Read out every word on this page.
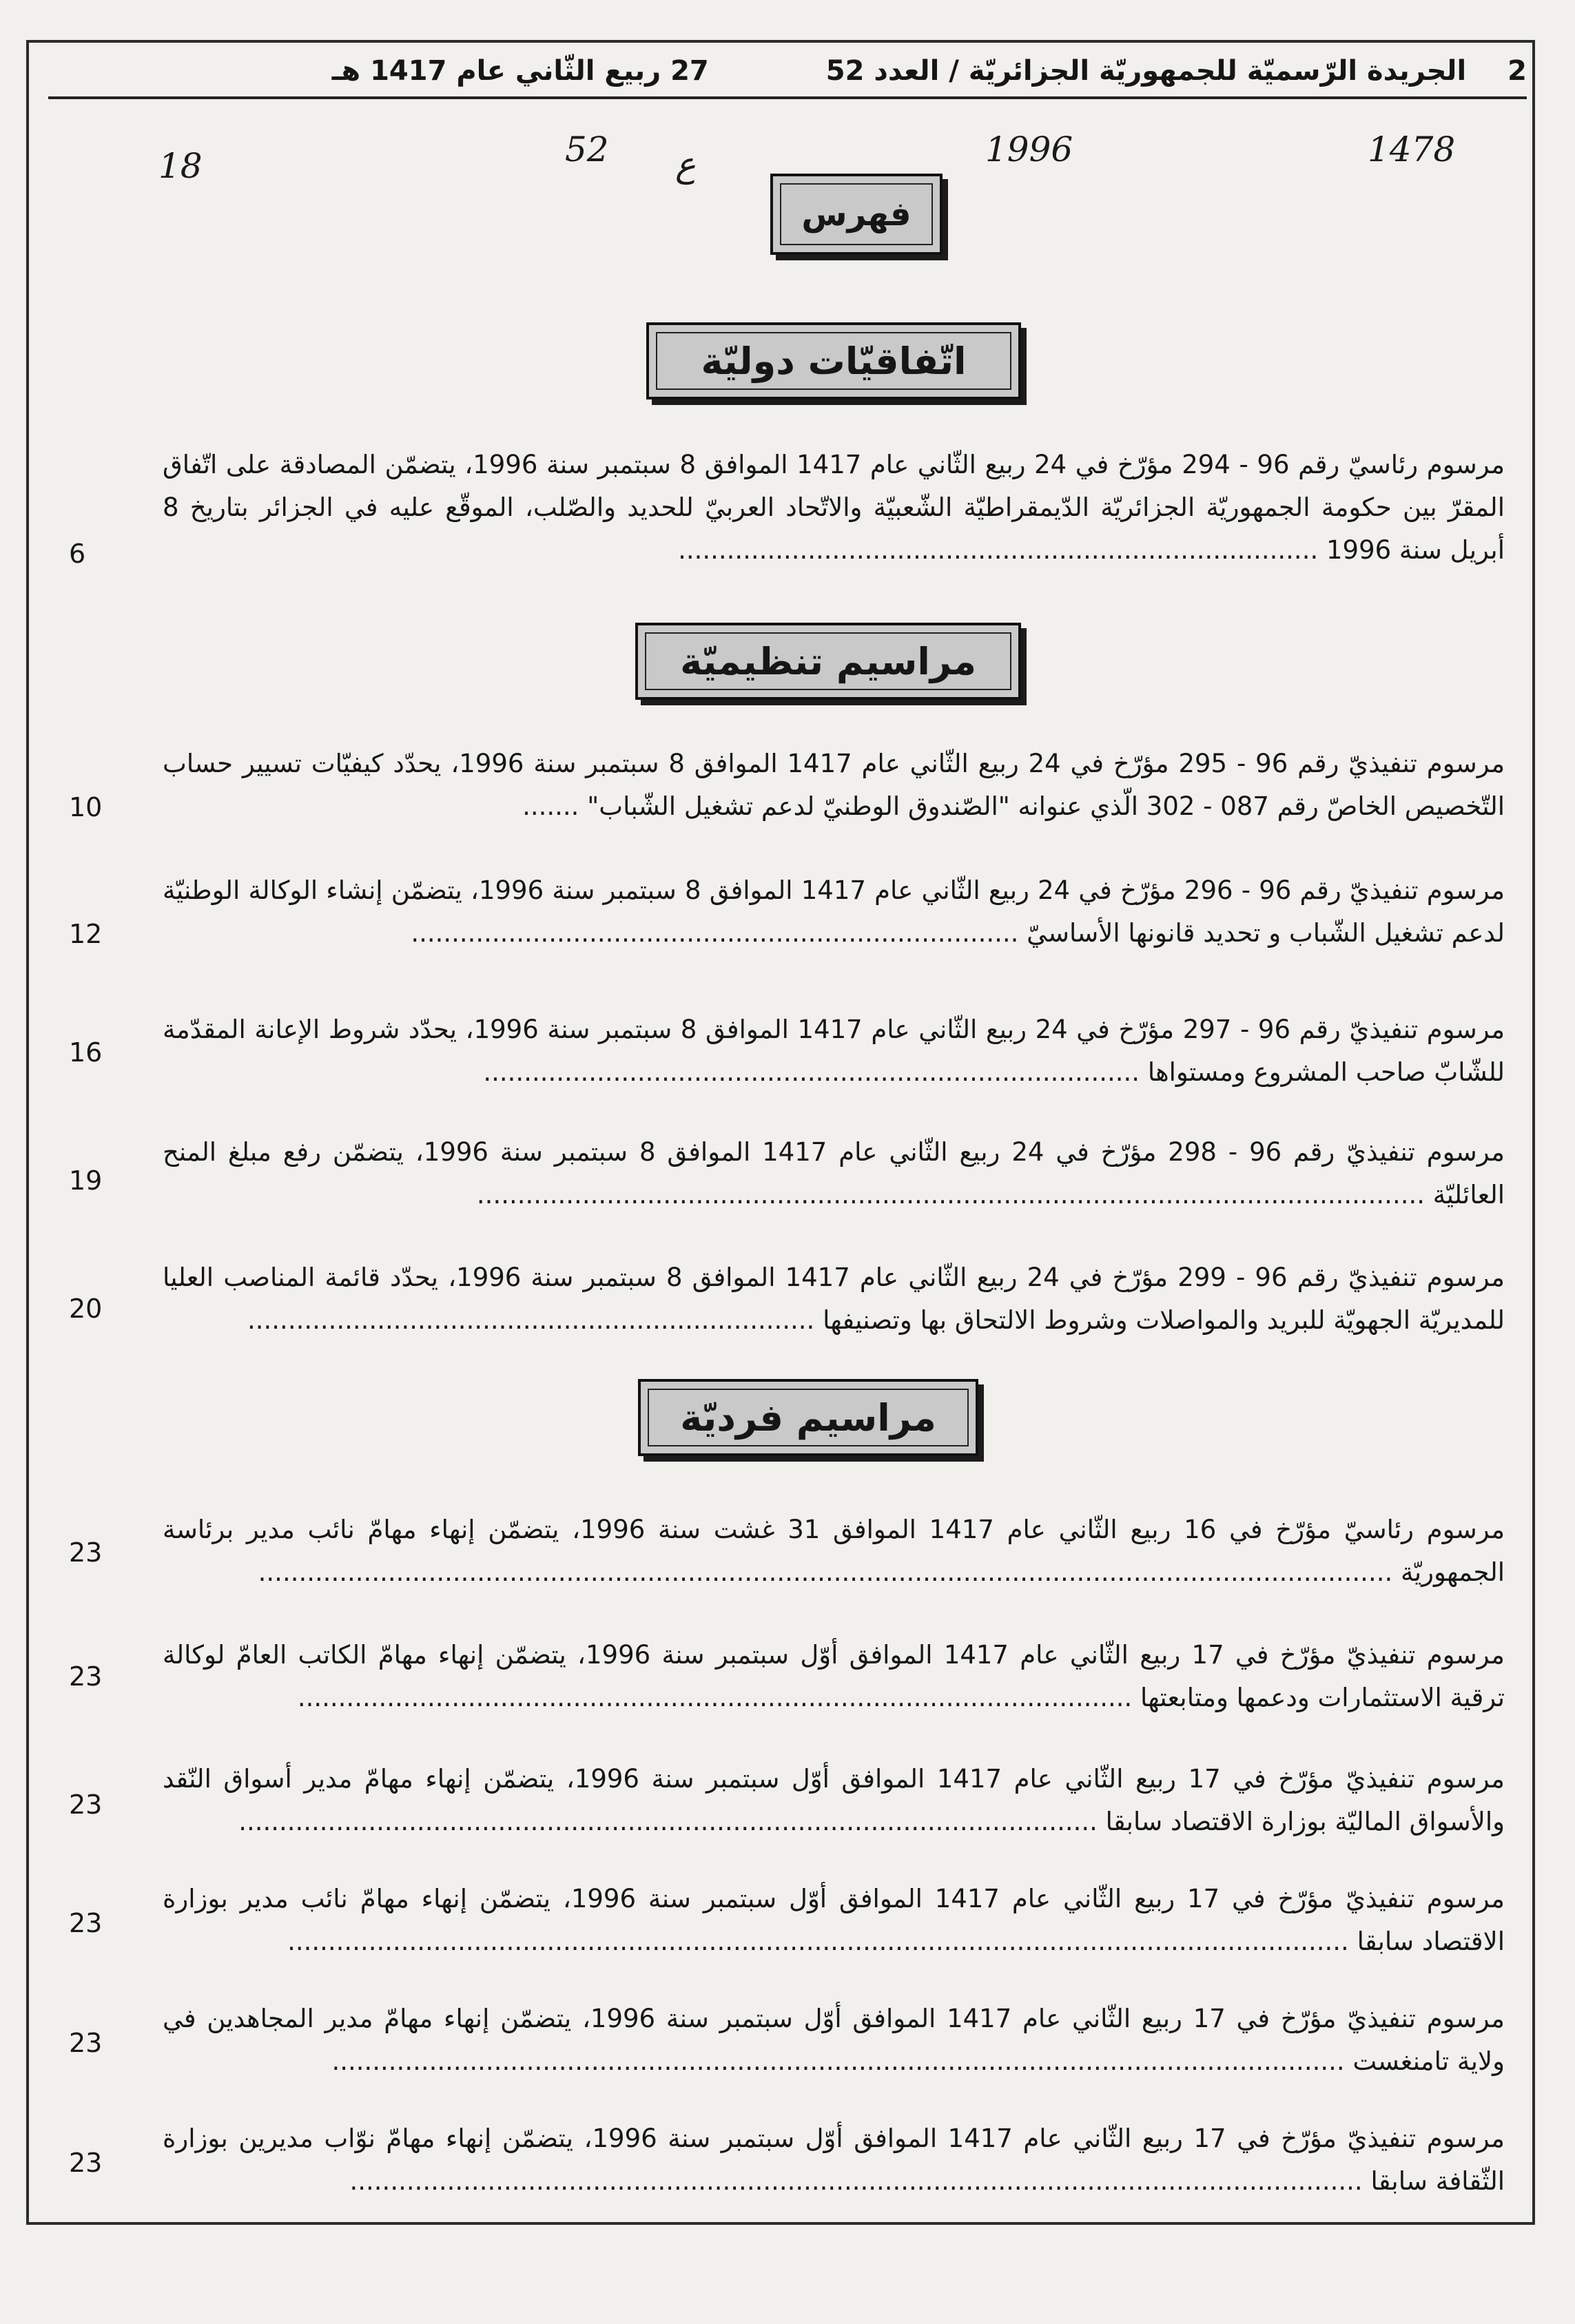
2
الجريدة الرّسميّة للجمهوريّة الجزائريّة / العدد 52
27 ربيع الثّاني عام 1417 هـ
1478
1996
ع
52
18
فهرس
اتّفاقيّات دوليّة
مرسوم رئاسيّ رقم 96 - 294 مؤرّخ في 24 ربيع الثّاني عام 1417 الموافق 8 سبتمبر سنة 1996، يتضمّن المصادقة على اتّفاق المقرّ بين حكومة الجمهوريّة الجزائريّة الدّيمقراطيّة الشّعبيّة والاتّحاد العربيّ للحديد والصّلب، الموقّع عليه في الجزائر بتاريخ 8 أبريل سنة 1996 ...............................................................................
6
مراسيم تنظيميّة
مرسوم تنفيذيّ رقم 96 - 295 مؤرّخ في 24 ربيع الثّاني عام 1417 الموافق 8 سبتمبر سنة 1996، يحدّد كيفيّات تسيير حساب التّخصيص الخاصّ رقم 087 - 302 الّذي عنوانه "الصّندوق الوطنيّ لدعم تشغيل الشّباب" .......
10
مرسوم تنفيذيّ رقم 96 - 296 مؤرّخ في 24 ربيع الثّاني عام 1417 الموافق 8 سبتمبر سنة 1996، يتضمّن إنشاء الوكالة الوطنيّة لدعم تشغيل الشّباب و تحديد قانونها الأساسيّ ...........................................................................
12
مرسوم تنفيذيّ رقم 96 - 297 مؤرّخ في 24 ربيع الثّاني عام 1417 الموافق 8 سبتمبر سنة 1996، يحدّد شروط الإعانة المقدّمة للشّابّ صاحب المشروع ومستواها .................................................................................
16
مرسوم تنفيذيّ رقم 96 - 298 مؤرّخ في 24 ربيع الثّاني عام 1417 الموافق 8 سبتمبر سنة 1996، يتضمّن رفع مبلغ المنح العائليّة .....................................................................................................................
19
مرسوم تنفيذيّ رقم 96 - 299 مؤرّخ في 24 ربيع الثّاني عام 1417 الموافق 8 سبتمبر سنة 1996، يحدّد قائمة المناصب العليا للمديريّة الجهويّة للبريد والمواصلات وشروط الالتحاق بها وتصنيفها ......................................................................
20
مراسيم فرديّة
مرسوم رئاسيّ مؤرّخ في 16 ربيع الثّاني عام 1417 الموافق 31 غشت سنة 1996، يتضمّن إنهاء مهامّ نائب مدير برئاسة الجمهوريّة ............................................................................................................................................
23
مرسوم تنفيذيّ مؤرّخ في 17 ربيع الثّاني عام 1417 الموافق أوّل سبتمبر سنة 1996، يتضمّن إنهاء مهامّ الكاتب العامّ لوكالة ترقية الاستثمارات ودعمها ومتابعتها .......................................................................................................
23
مرسوم تنفيذيّ مؤرّخ في 17 ربيع الثّاني عام 1417 الموافق أوّل سبتمبر سنة 1996، يتضمّن إنهاء مهامّ مدير أسواق النّقد والأسواق الماليّة بوزارة الاقتصاد سابقا ..........................................................................................................
23
مرسوم تنفيذيّ مؤرّخ في 17 ربيع الثّاني عام 1417 الموافق أوّل سبتمبر سنة 1996، يتضمّن إنهاء مهامّ نائب مدير بوزارة الاقتصاد سابقا ...................................................................................................................................
23
مرسوم تنفيذيّ مؤرّخ في 17 ربيع الثّاني عام 1417 الموافق أوّل سبتمبر سنة 1996، يتضمّن إنهاء مهامّ مدير المجاهدين في ولاية تامنغست .............................................................................................................................
23
مرسوم تنفيذيّ مؤرّخ في 17 ربيع الثّاني عام 1417 الموافق أوّل سبتمبر سنة 1996، يتضمّن إنهاء مهامّ نوّاب مديرين بوزارة الثّقافة سابقا .............................................................................................................................
23
